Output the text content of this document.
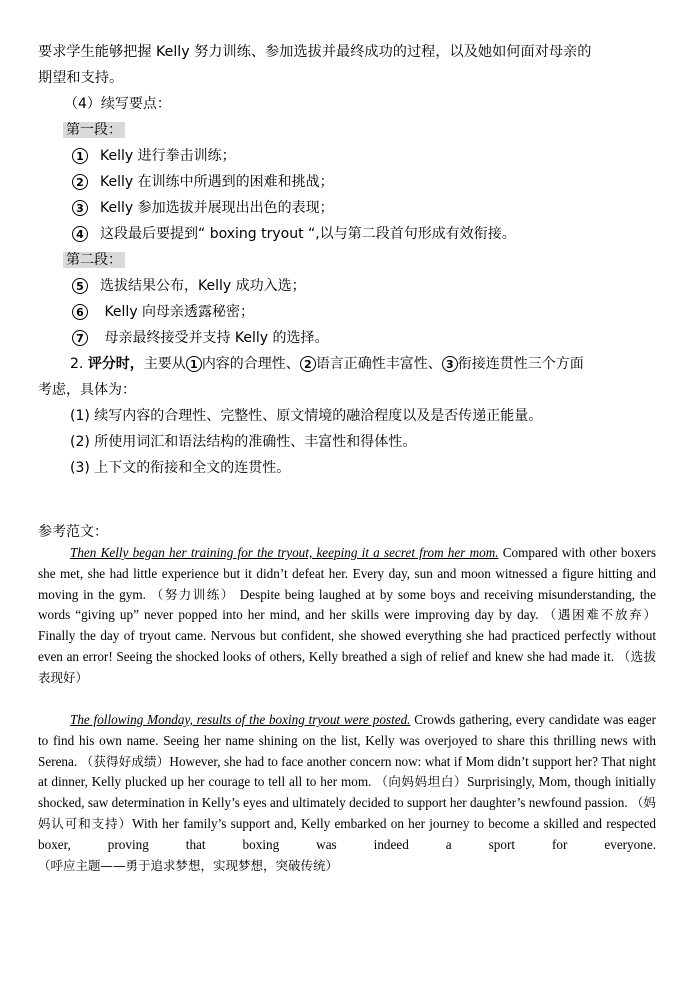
要求学生能够把握 Kelly 努力训练、参加选拔并最终成功的过程，以及她如何面对母亲的
期望和支持。
（4）续写要点：
第一段：
1 Kelly 进行拳击训练；
2 Kelly 在训练中所遇到的困难和挑战；
3 Kelly 参加选拔并展现出出色的表现；
4 这段最后要提到“ boxing tryout “,以与第二段首句形成有效衔接。
第二段：
5 选拔结果公布，Kelly 成功入选；
6 Kelly 向母亲透露秘密；
7 母亲最终接受并支持 Kelly 的选择。
2. 评分时，主要从 1 内容的合理性、 2 语言正确性丰富性、 3 衔接连贯性三个方面
考虑，具体为：
(1) 续写内容的合理性、完整性、原文情境的融洽程度以及是否传递正能量。
(2) 所使用词汇和语法结构的准确性、丰富性和得体性。
(3) 上下文的衔接和全文的连贯性。
参考范文：
Then Kelly began her training for the tryout, keeping it a secret from her mom. Compared with other boxers she met, she had little experience but it didn’t defeat her. Every day, sun and moon witnessed a figure hitting and moving in the gym. （努力训练） Despite being laughed at by some boys and receiving misunderstanding, the words “giving up” never popped into her mind, and her skills were improving day by day. （遇困难不放弃） Finally the day of tryout came. Nervous but confident, she showed everything she had practiced perfectly without even an error! Seeing the shocked looks of others, Kelly breathed a sigh of relief and knew she had made it. （选拔表现好）
The following Monday, results of the boxing tryout were posted. Crowds gathering, every candidate was eager to find his own name. Seeing her name shining on the list, Kelly was overjoyed to share this thrilling news with Serena. （获得好成绩）However, she had to face another concern now: what if Mom didn’t support her? That night at dinner, Kelly plucked up her courage to tell all to her mom. （向妈妈坦白）Surprisingly, Mom, though initially shocked, saw determination in Kelly’s eyes and ultimately decided to support her daughter’s newfound passion. （妈妈认可和支持）With her family’s support and, Kelly embarked on her journey to become a skilled and respected boxer, proving that boxing was indeed a sport for everyone. （呼应主题——勇于追求梦想，实现梦想，突破传统）
